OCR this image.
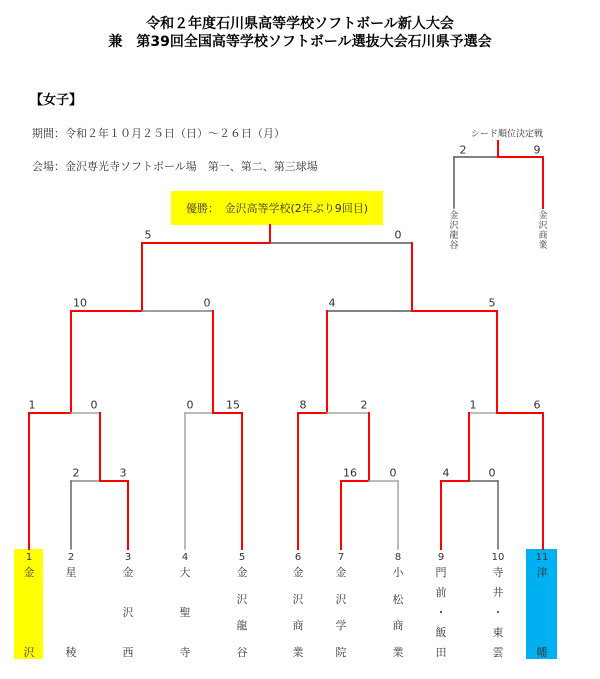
令和２年度石川県高等学校ソフトボール新人大会
兼　第39回全国高等学校ソフトボール選抜大会石川県予選会
【女子】
期間：令和２年１０月２５日（日）～２６日（月）
会場：金沢専光寺ソフトボール場　第一、第二、第三球場
優勝：　金沢高等学校(2年ぶり9回目)
シード順位決定戦
2	9
金
沢
龍
谷
金
沢
商
業
5	0
10	0	4	5
1	0	0	15	8	2	1	6
2	3	16	0	4	0
1
金
沢
2
星
稜
3
金
沢
西
4
大
聖
寺
5
金
沢
龍
谷
6
金
沢
商
業
7
金
沢
学
院
8
小
松
商
業
9
門
前
・
飯
田
10
寺
井
・
東
雲
11
津
幡
